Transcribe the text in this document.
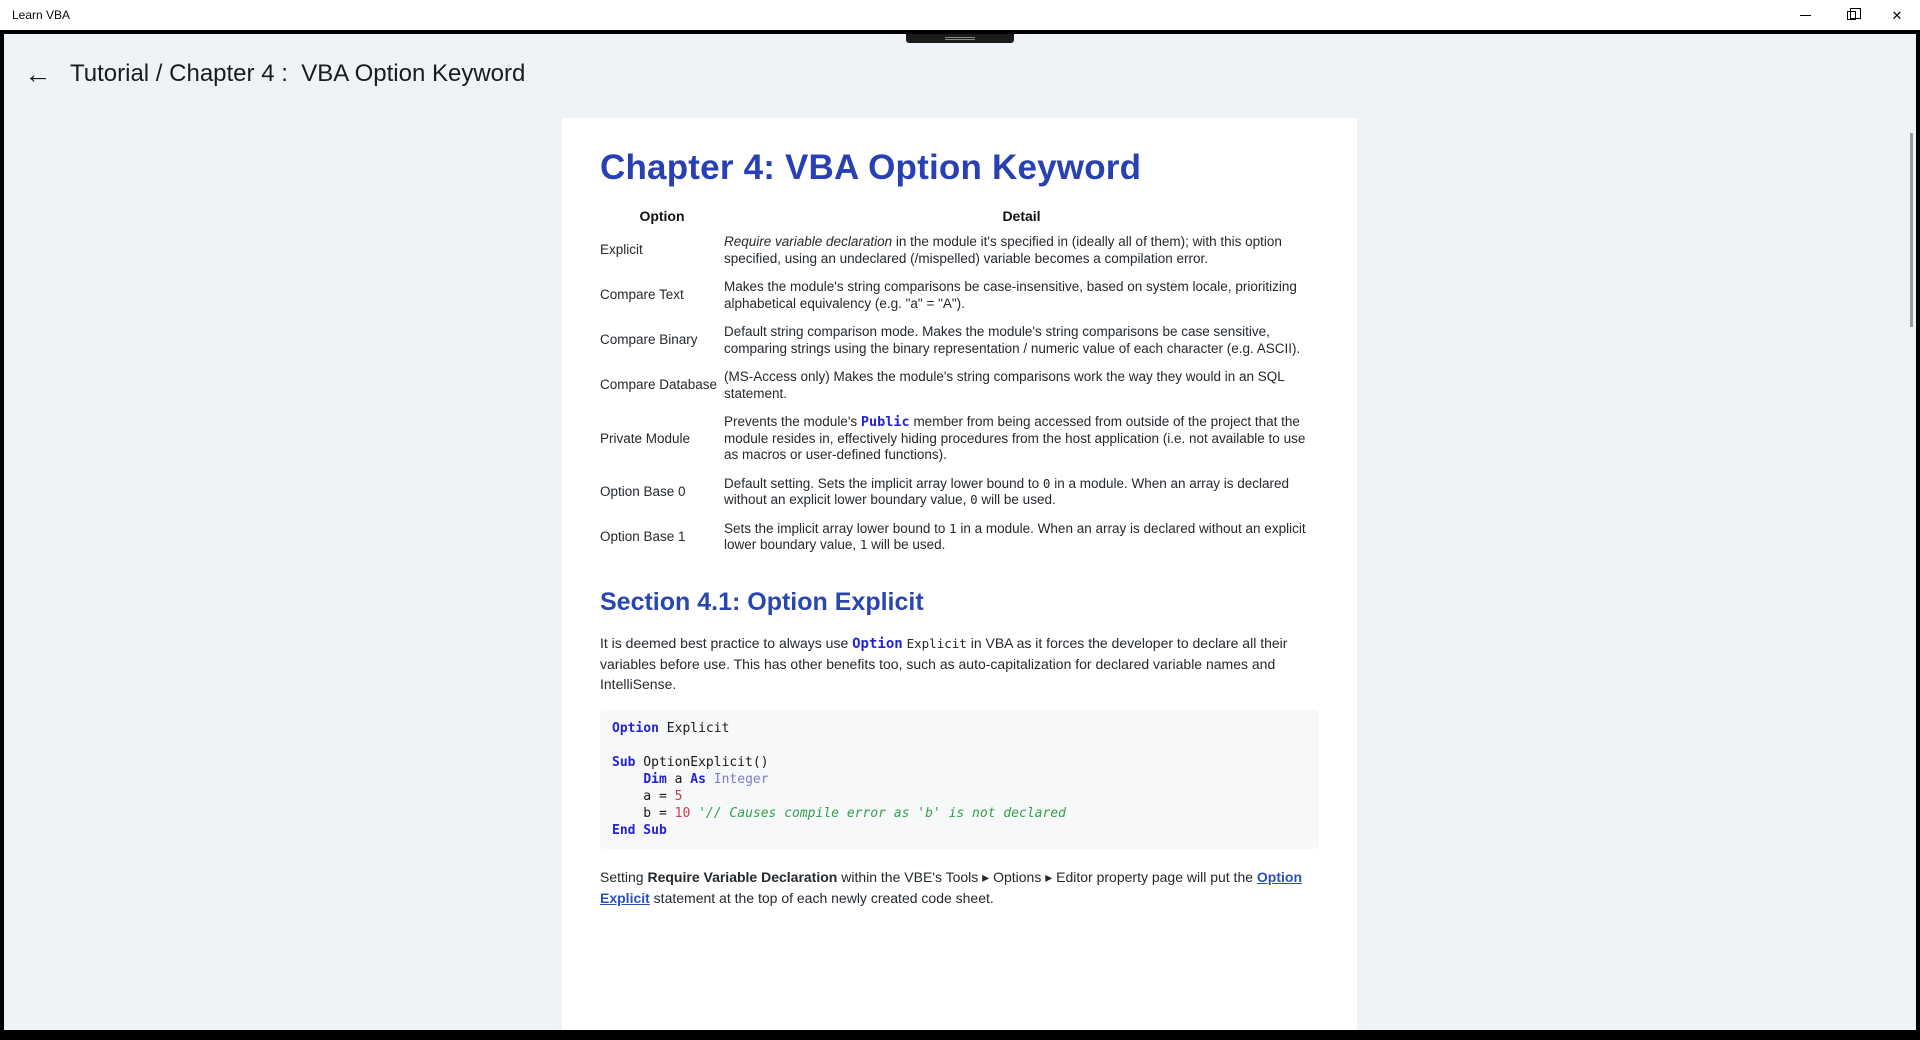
Learn VBA	✕
← Tutorial / Chapter 4 :  VBA Option Keyword
Chapter 4: VBA Option Keyword
Option	Detail
Explicit	Require variable declaration in the module it's specified in (ideally all of them); with this option specified, using an undeclared (/mispelled) variable becomes a compilation error.
Compare Text	Makes the module's string comparisons be case-insensitive, based on system locale, prioritizing alphabetical equivalency (e.g. "a" = "A").
Compare Binary	Default string comparison mode. Makes the module's string comparisons be case sensitive, comparing strings using the binary representation / numeric value of each character (e.g. ASCII).
Compare Database	(MS-Access only) Makes the module's string comparisons work the way they would in an SQL statement.
Private Module	Prevents the module's Public member from being accessed from outside of the project that the module resides in, effectively hiding procedures from the host application (i.e. not available to use as macros or user-defined functions).
Option Base 0	Default setting. Sets the implicit array lower bound to 0 in a module. When an array is declared without an explicit lower boundary value, 0 will be used.
Option Base 1	Sets the implicit array lower bound to 1 in a module. When an array is declared without an explicit lower boundary value, 1 will be used.
Section 4.1: Option Explicit
It is deemed best practice to always use Option Explicit in VBA as it forces the developer to declare all their variables before use. This has other benefits too, such as auto-capitalization for declared variable names and IntelliSense.
Option Explicit

Sub OptionExplicit()
Dim a As Integer
a = 5
b = 10 '// Causes compile error as 'b' is not declared
End Sub
Setting Require Variable Declaration within the VBE's Tools ▸ Options ▸ Editor property page will put the Option Explicit statement at the top of each newly created code sheet.
